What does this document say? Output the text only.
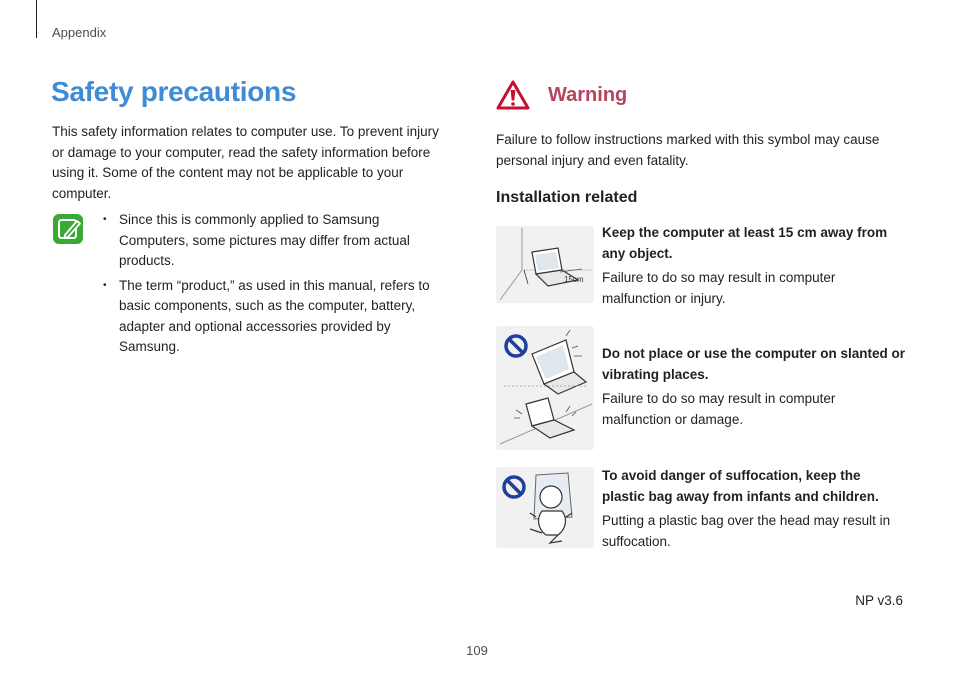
Appendix
Safety precautions

This safety information relates to computer use. To prevent injury or damage to your computer, read the safety information before using it. Some of the content may not be applicable to your computer.

• Since this is commonly applied to Samsung Computers, some pictures may differ from actual products.
• The term “product,” as used in this manual, refers to basic components, such as the computer, battery, adapter and optional accessories provided by Samsung.
Warning

Failure to follow instructions marked with this symbol may cause personal injury and even fatality.

Installation related
15cm

Keep the computer at least 15 cm away from any object.

Failure to do so may result in computer malfunction or injury.

Do not place or use the computer on slanted or vibrating places.

Failure to do so may result in computer malfunction or damage.

To avoid danger of suffocation, keep the plastic bag away from infants and children.

Putting a plastic bag over the head may result in suffocation.

NP v3.6
109
